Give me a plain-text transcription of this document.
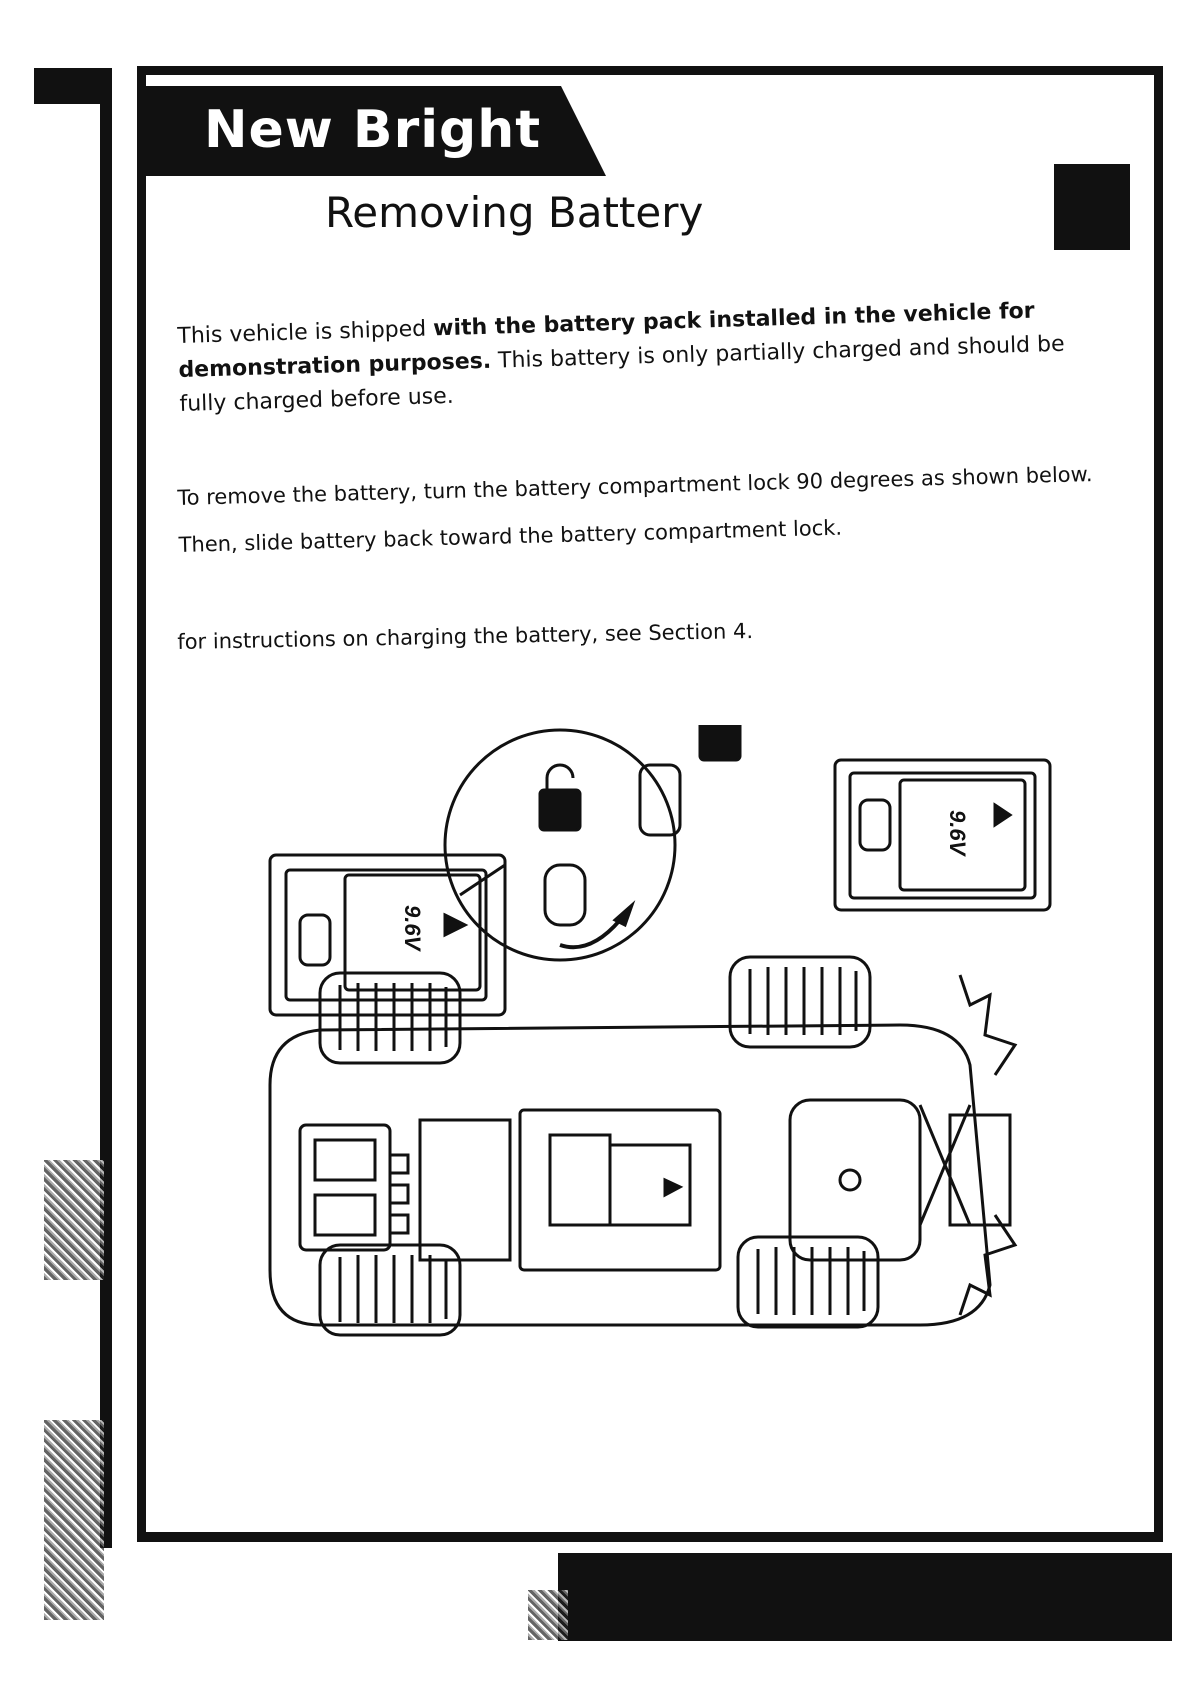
New Bright
Removing Battery
This vehicle is shipped with the battery pack installed in the vehicle for demonstration purposes. This battery is only partially charged and should be fully charged before use.
To remove the battery, turn the battery compartment lock 90 degrees as shown below.
Then, slide battery back toward the battery compartment lock.
for instructions on charging the battery, see Section 4.
9.6V
9.6V
